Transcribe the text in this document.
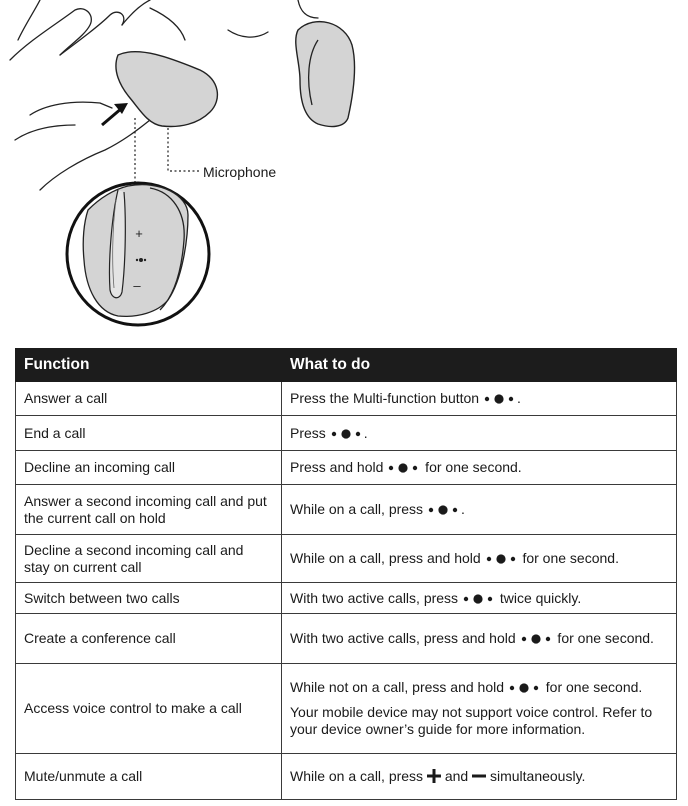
+
–
Microphone
Function	What to do
Answer a call	Press the Multi-function button
.

End a call	Press
.

Decline an incoming call	Press and hold
for one second.

Answer a second incoming call and put the current call on hold	While on a call, press
.

Decline a second incoming call and stay on current call	While on a call, press and hold
for one second.

Switch between two calls	With two active calls, press
twice quickly.

Create a conference call	With two active calls, press and hold
for one second.

Access voice control to make a call	While not on a call, press and hold
for one second.
Your mobile device may not support voice control. Refer to your device owner’s guide for more information.

Mute/unmute a call	While on a call, press  and  simultaneously.
